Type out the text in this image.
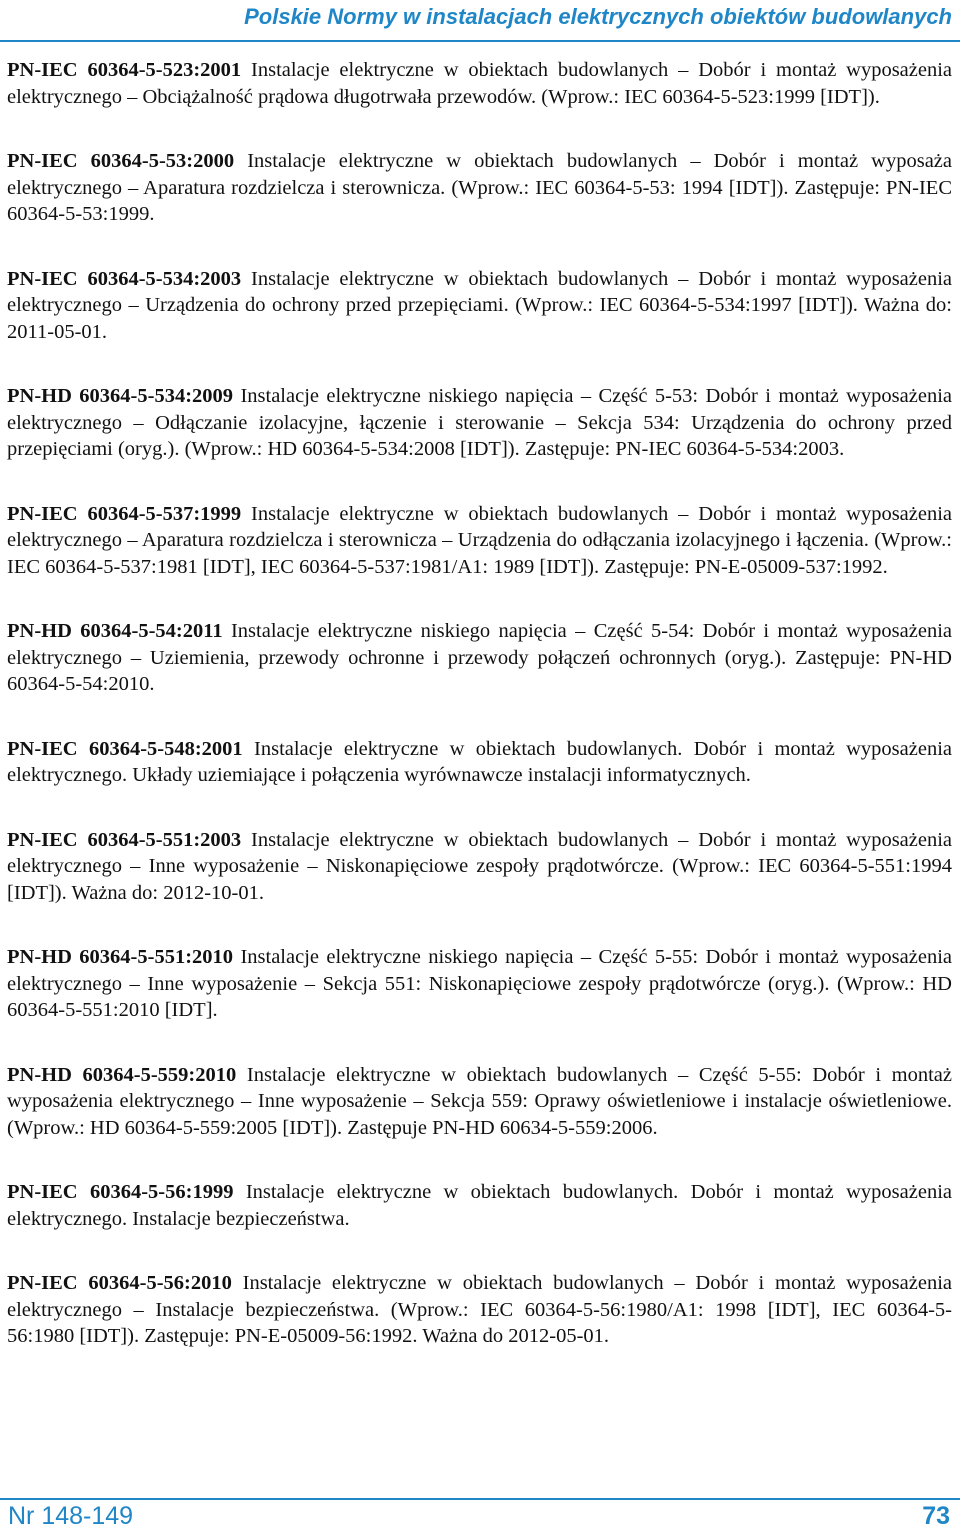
Polskie Normy w instalacjach elektrycznych obiektów budowlanych

PN-IEC 60364-5-523:2001 Instalacje elektryczne w obiektach budowlanych – Dobór i montaż wyposażenia elektrycznego – Obciążalność prądowa długotrwała przewodów. (Wprow.: IEC 60364-5-523:1999 [IDT]).

PN-IEC 60364-5-53:2000 Instalacje elektryczne w obiektach budowlanych – Dobór i montaż wyposaża elektrycznego – Aparatura rozdzielcza i sterownicza. (Wprow.: IEC 60364-5-53: 1994 [IDT]). Zastępuje: PN-IEC 60364-5-53:1999.

PN-IEC 60364-5-534:2003 Instalacje elektryczne w obiektach budowlanych – Dobór i montaż wyposażenia elektrycznego – Urządzenia do ochrony przed przepięciami. (Wprow.: IEC 60364-5-534:1997 [IDT]). Ważna do: 2011-05-01.

PN-HD 60364-5-534:2009 Instalacje elektryczne niskiego napięcia – Część 5-53: Dobór i montaż wyposażenia elektrycznego – Odłączanie izolacyjne, łączenie i sterowanie – Sekcja 534: Urządzenia do ochrony przed przepięciami (oryg.). (Wprow.: HD 60364-5-534:2008 [IDT]). Zastępuje: PN-IEC 60364-5-534:2003.

PN-IEC 60364-5-537:1999 Instalacje elektryczne w obiektach budowlanych – Dobór i montaż wyposażenia elektrycznego – Aparatura rozdzielcza i sterownicza – Urządzenia do odłączania izolacyjnego i łączenia. (Wprow.: IEC 60364-5-537:1981 [IDT], IEC 60364-5-537:1981/A1: 1989 [IDT]). Zastępuje: PN-E-05009-537:1992.

PN-HD 60364-5-54:2011 Instalacje elektryczne niskiego napięcia – Część 5-54: Dobór i montaż wyposażenia elektrycznego – Uziemienia, przewody ochronne i przewody połączeń ochronnych (oryg.). Zastępuje: PN-HD 60364-5-54:2010.

PN-IEC 60364-5-548:2001 Instalacje elektryczne w obiektach budowlanych. Dobór i montaż wyposażenia elektrycznego. Układy uziemiające i połączenia wyrównawcze instalacji informatycznych.

PN-IEC 60364-5-551:2003 Instalacje elektryczne w obiektach budowlanych – Dobór i montaż wyposażenia elektrycznego – Inne wyposażenie – Niskonapięciowe zespoły prądotwórcze. (Wprow.: IEC 60364-5-551:1994 [IDT]). Ważna do: 2012-10-01.

PN-HD 60364-5-551:2010 Instalacje elektryczne niskiego napięcia – Część 5-55: Dobór i montaż wyposażenia elektrycznego – Inne wyposażenie – Sekcja 551: Niskonapięciowe zespoły prądotwórcze (oryg.). (Wprow.: HD 60364-5-551:2010 [IDT].

PN-HD 60364-5-559:2010 Instalacje elektryczne w obiektach budowlanych – Część 5-55: Dobór i montaż wyposażenia elektrycznego – Inne wyposażenie – Sekcja 559: Oprawy oświetleniowe i instalacje oświetleniowe. (Wprow.: HD 60364-5-559:2005 [IDT]). Zastępuje PN-HD 60634-5-559:2006.

PN-IEC 60364-5-56:1999 Instalacje elektryczne w obiektach budowlanych. Dobór i montaż wyposażenia elektrycznego. Instalacje bezpieczeństwa.

PN-IEC 60364-5-56:2010 Instalacje elektryczne w obiektach budowlanych – Dobór i montaż wyposażenia elektrycznego – Instalacje bezpieczeństwa. (Wprow.: IEC 60364-5-56:1980/A1: 1998 [IDT], IEC 60364-5-56:1980 [IDT]). Zastępuje: PN-E-05009-56:1992. Ważna do 2012-05-01.

Nr 148-149	73
